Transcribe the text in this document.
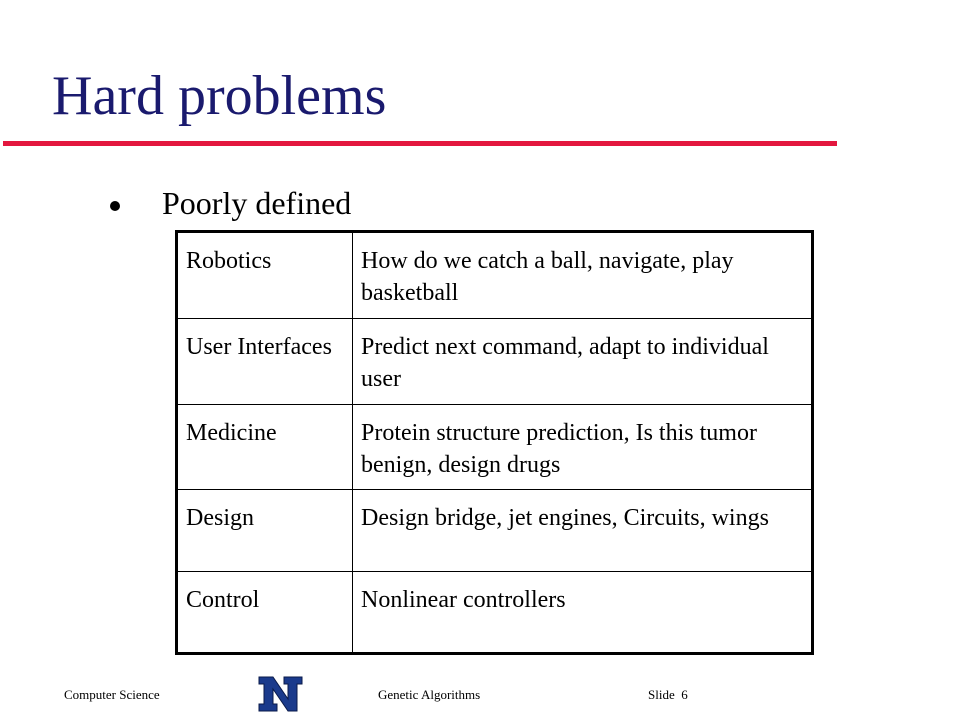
Hard problems
Poorly defined
Robotics	How do we catch a ball, navigate, play basketball
User Interfaces	Predict next command, adapt to individual user
Medicine	Protein structure prediction, Is this tumor benign, design drugs
Design	Design bridge, jet engines, Circuits, wings
Control	Nonlinear controllers
Computer Science	Genetic Algorithms	Slide 6
